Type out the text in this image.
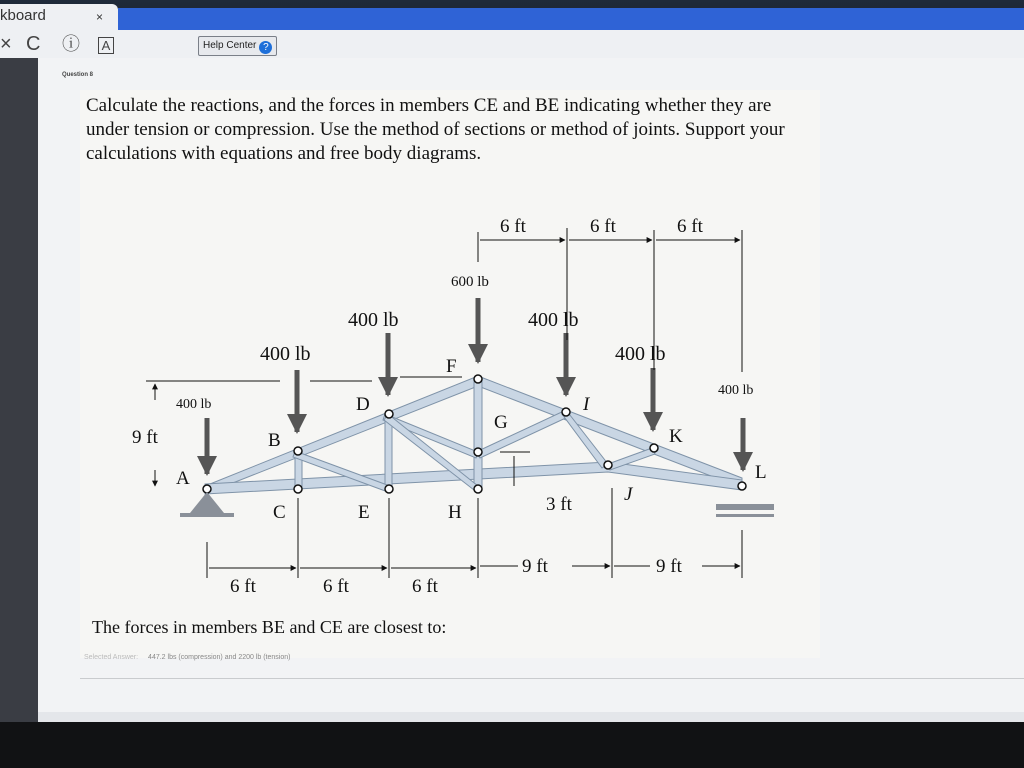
kboard	×
× C ⓘ A	Help Center ?
Question 8

Calculate the reactions, and the forces in members CE and BE indicating whether they are under tension or compression. Use the method of sections or method of joints. Support your calculations with equations and free body diagrams.

6 ft	6 ft	6 ft
600 lb
400 lb	400 lb
400 lb	400 lb
400 lb
400 lb
9 ft
A
B
C
D
E
F
G
H
I
J
K
L
3 ft
6 ft	6 ft	6 ft
9 ft	9 ft
The forces in members BE and CE are closest to:
Selected Answer: 447.2 lbs (compression) and 2200 lb (tension)
